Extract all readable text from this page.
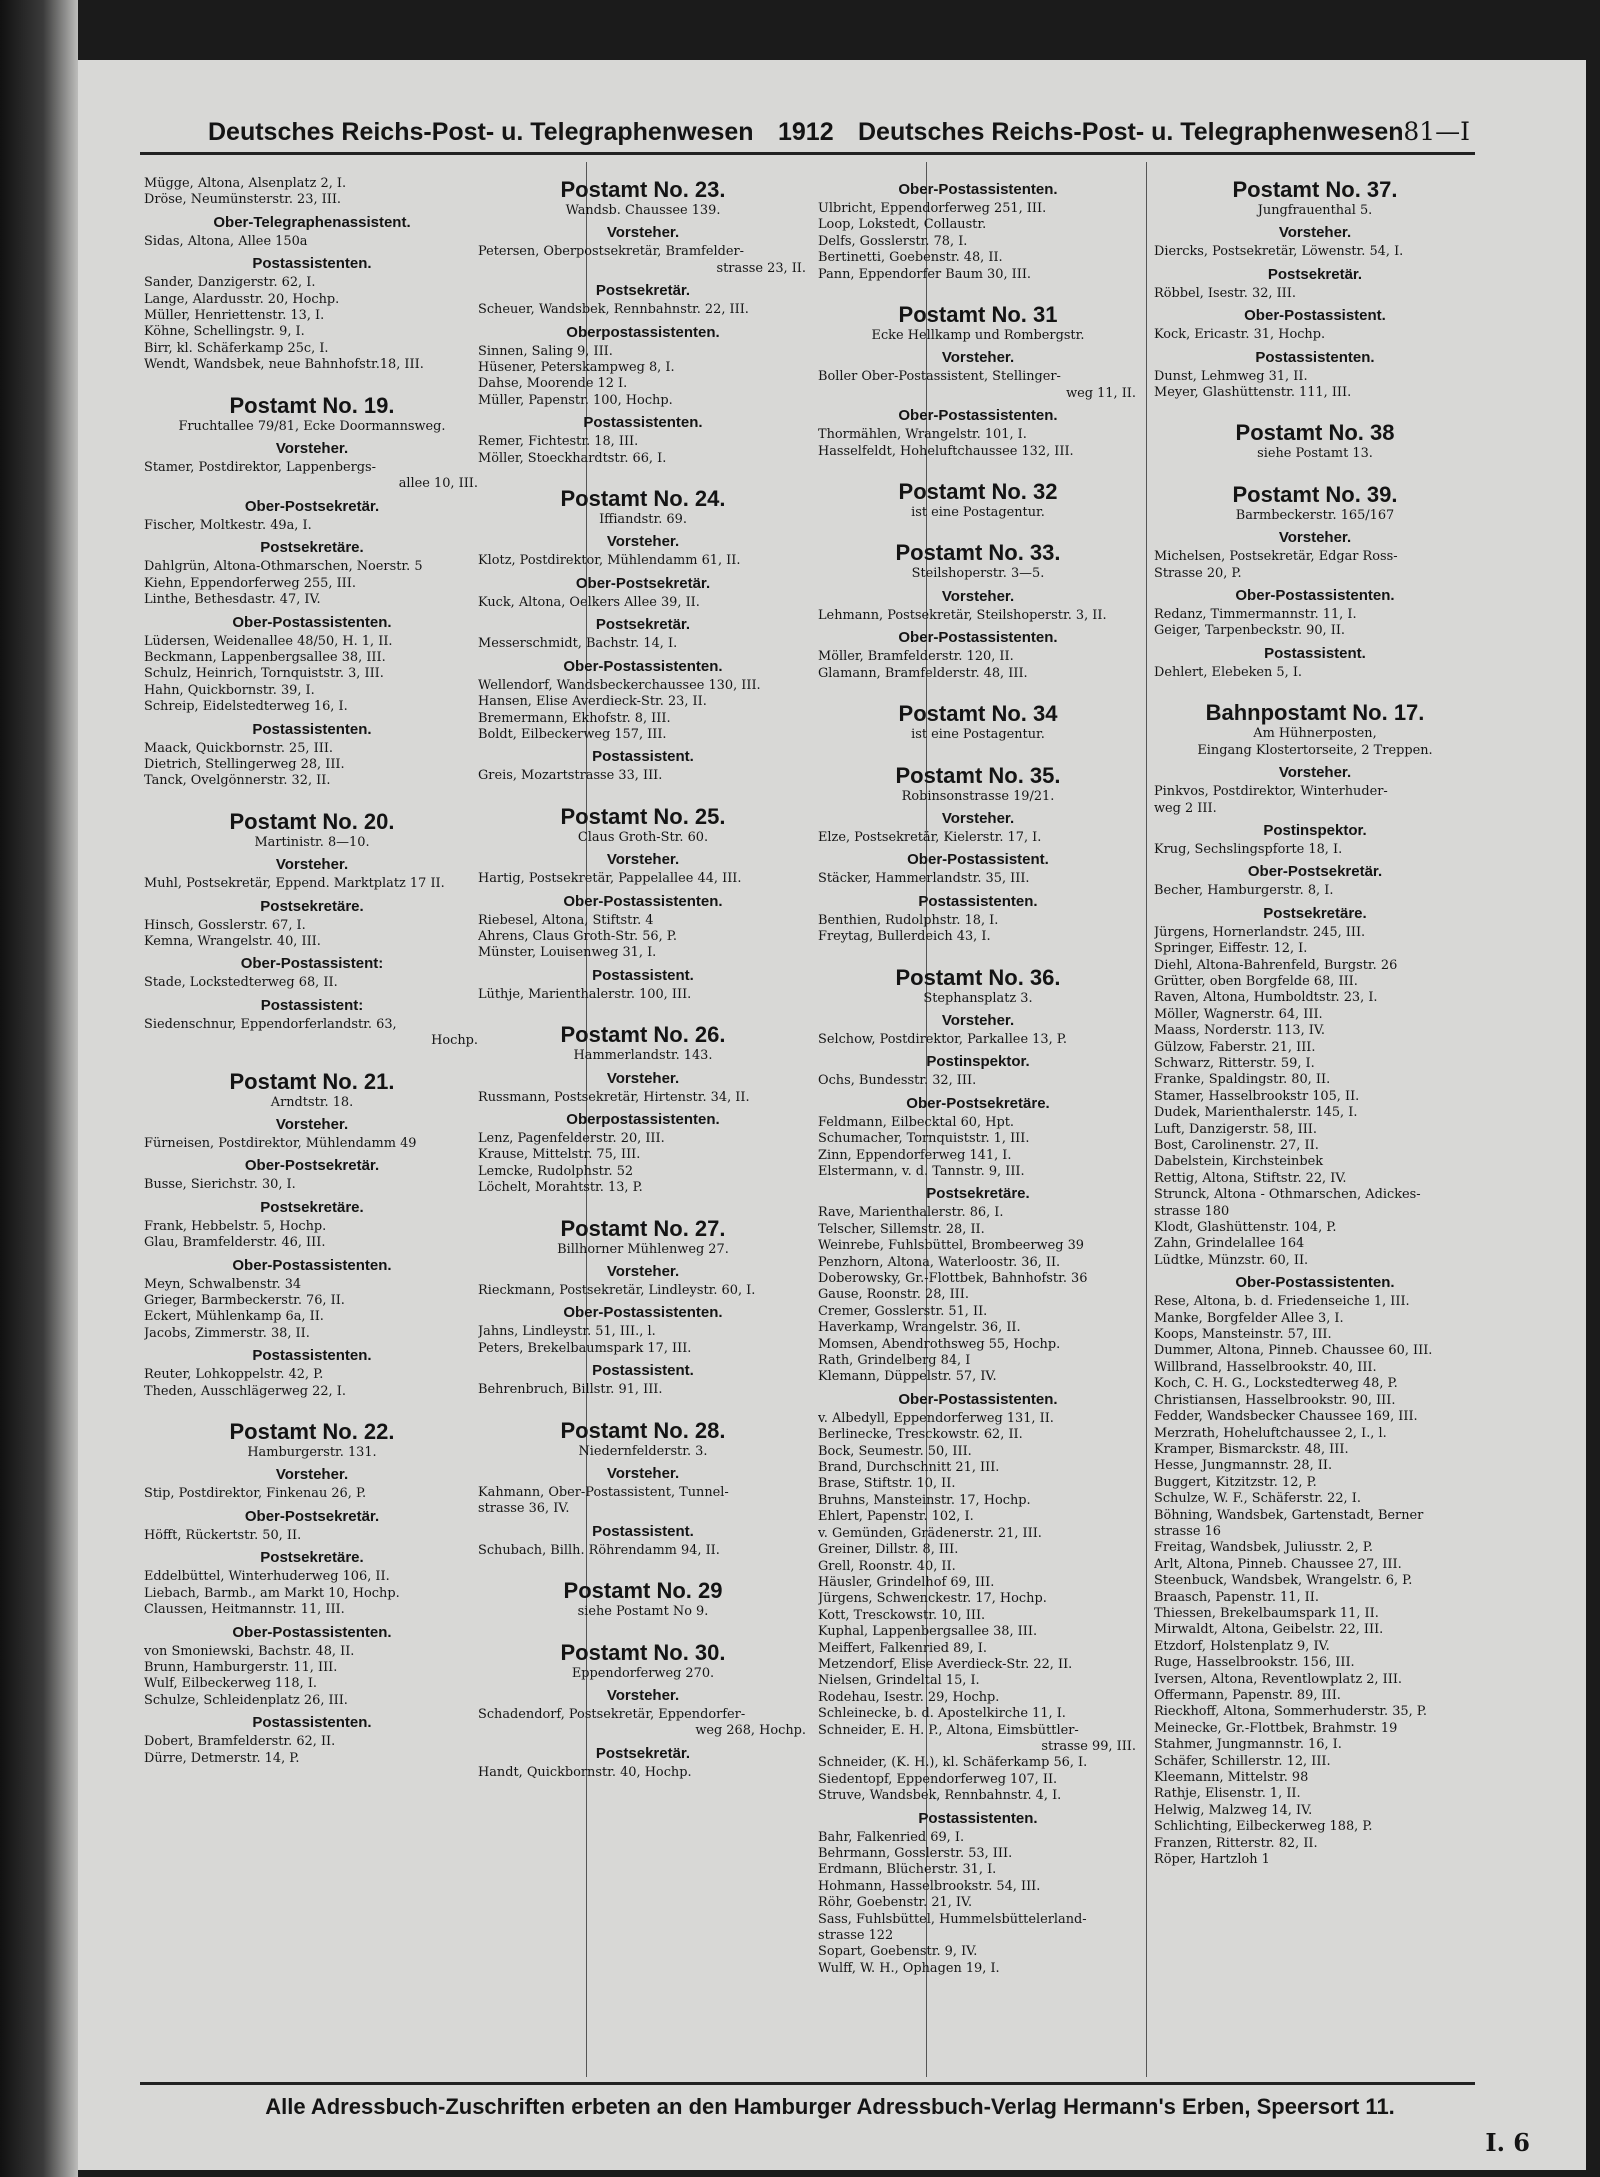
Deutsches Reichs-Post- u. Telegraphenwesen 1912 Deutsches Reichs-Post- u. Telegraphenwesen 81—I
Mügge, Altona, Alsenplatz 2, I.
Dröse, Neumünsterstr. 23, III.
Ober-Telegraphenassistent.
Sidas, Altona, Allee 150a
Postassistenten.
Sander, Danzigerstr. 62, I.
Lange, Alardusstr. 20, Hochp.
Müller, Henriettenstr. 13, I.
Köhne, Schellingstr. 9, I.
Birr, kl. Schäferkamp 25c, I.
Wendt, Wandsbek, neue Bahnhofstr.18, III.
Postamt No. 19.
Fruchtallee 79/81, Ecke Doormannsweg.
Vorsteher.
Stamer, Postdirektor, Lappenbergs-
allee 10, III.
Ober-Postsekretär.
Fischer, Moltkestr. 49a, I.
Postsekretäre.
Dahlgrün, Altona-Othmarschen, Noerstr. 5
Kiehn, Eppendorferweg 255, III.
Linthe, Bethesdastr. 47, IV.
Ober-Postassistenten.
Lüdersen, Weidenallee 48/50, H. 1, II.
Beckmann, Lappenbergsallee 38, III.
Schulz, Heinrich, Tornquiststr. 3, III.
Hahn, Quickbornstr. 39, I.
Schreip, Eidelstedterweg 16, I.
Postassistenten.
Maack, Quickbornstr. 25, III.
Dietrich, Stellingerweg 28, III.
Tanck, Övelgönnerstr. 32, II.
Postamt No. 20.
Martinistr. 8—10.
Vorsteher.
Muhl, Postsekretär, Eppend. Marktplatz 17 II.
Postsekretäre.
Hinsch, Gosslerstr. 67, I.
Kemna, Wrangelstr. 40, III.
Ober-Postassistent:
Stade, Lockstedterweg 68, II.
Postassistent:
Siedenschnur, Eppendorferlandstr. 63,
Hochp.
Postamt No. 21.
Arndtstr. 18.
Vorsteher.
Fürneisen, Postdirektor, Mühlendamm 49
Ober-Postsekretär.
Busse, Sierichstr. 30, I.
Postsekretäre.
Frank, Hebbelstr. 5, Hochp.
Glau, Bramfelderstr. 46, III.
Ober-Postassistenten.
Meyn, Schwalbenstr. 34
Grieger, Barmbeckerstr. 76, II.
Eckert, Mühlenkamp 6a, II.
Jacobs, Zimmerstr. 38, II.
Postassistenten.
Reuter, Lohkoppelstr. 42, P.
Theden, Ausschlägerweg 22, I.
Postamt No. 22.
Hamburgerstr. 131.
Vorsteher.
Stip, Postdirektor, Finkenau 26, P.
Ober-Postsekretär.
Höfft, Rückertstr. 50, II.
Postsekretäre.
Eddelbüttel, Winterhuderweg 106, II.
Liebach, Barmb., am Markt 10, Hochp.
Claussen, Heitmannstr. 11, III.
Ober-Postassistenten.
von Smoniewski, Bachstr. 48, II.
Brunn, Hamburgerstr. 11, III.
Wulf, Eilbeckerweg 118, I.
Schulze, Schleidenplatz 26, III.
Postassistenten.
Dobert, Bramfelderstr. 62, II.
Dürre, Detmerstr. 14, P.
Postamt No. 23.
Wandsb. Chaussee 139.
Vorsteher.
Petersen, Oberpostsekretär, Bramfelder-
strasse 23, II.
Postsekretär.
Scheuer, Wandsbek, Rennbahnstr. 22, III.
Oberpostassistenten.
Sinnen, Saling 9, III.
Hüsener, Peterskampweg 8, I.
Dahse, Moorende 12 I.
Müller, Papenstr. 100, Hochp.
Postassistenten.
Remer, Fichtestr. 18, III.
Möller, Stoeckhardtstr. 66, I.
Postamt No. 24.
Iffiandstr. 69.
Vorsteher.
Klotz, Postdirektor, Mühlendamm 61, II.
Ober-Postsekretär.
Kuck, Altona, Oelkers Allee 39, II.
Postsekretär.
Messerschmidt, Bachstr. 14, I.
Ober-Postassistenten.
Wellendorf, Wandsbeckerchaussee 130, III.
Hansen, Elise Averdieck-Str. 23, II.
Bremermann, Ekhofstr. 8, III.
Boldt, Eilbeckerweg 157, III.
Postassistent.
Greis, Mozartstrasse 33, III.
Postamt No. 25.
Claus Groth-Str. 60.
Vorsteher.
Hartig, Postsekretär, Pappelallee 44, III.
Ober-Postassistenten.
Riebesel, Altona, Stiftstr. 4
Ahrens, Claus Groth-Str. 56, P.
Münster, Louisenweg 31, I.
Postassistent.
Lüthje, Marienthalerstr. 100, III.
Postamt No. 26.
Hammerlandstr. 143.
Vorsteher.
Russmann, Postsekretär, Hirtenstr. 34, II.
Oberpostassistenten.
Lenz, Pagenfelderstr. 20, III.
Krause, Mittelstr. 75, III.
Lemcke, Rudolphstr. 52
Löchelt, Morahtstr. 13, P.
Postamt No. 27.
Billhorner Mühlenweg 27.
Vorsteher.
Rieckmann, Postsekretär, Lindleystr. 60, I.
Ober-Postassistenten.
Jahns, Lindleystr. 51, III., l.
Peters, Brekelbaumspark 17, III.
Postassistent.
Behrenbruch, Billstr. 91, III.
Postamt No. 28.
Niedernfelderstr. 3.
Vorsteher.
Kahmann, Ober-Postassistent, Tunnel-
strasse 36, IV.
Postassistent.
Schubach, Billh. Röhrendamm 94, II.
Postamt No. 29
siehe Postamt No 9.
Postamt No. 30.
Eppendorferweg 270.
Vorsteher.
Schadendorf, Postsekretär, Eppendorfer-
weg 268, Hochp.
Postsekretär.
Handt, Quickbornstr. 40, Hochp.
Ober-Postassistenten.
Ulbricht, Eppendorferweg 251, III.
Loop, Lokstedt, Collaustr.
Delfs, Gosslerstr. 78, I.
Bertinetti, Goebenstr. 48, II.
Pann, Eppendorfer Baum 30, III.
Postamt No. 31
Ecke Hellkamp und Rombergstr.
Vorsteher.
Boller Ober-Postassistent, Stellinger-
weg 11, II.
Ober-Postassistenten.
Thormählen, Wrangelstr. 101, I.
Hasselfeldt, Hoheluftchaussee 132, III.
Postamt No. 32
ist eine Postagentur.
Postamt No. 33.
Steilshoperstr. 3—5.
Vorsteher.
Lehmann, Postsekretär, Steilshoperstr. 3, II.
Ober-Postassistenten.
Möller, Bramfelderstr. 120, II.
Glamann, Bramfelderstr. 48, III.
Postamt No. 34
ist eine Postagentur.
Postamt No. 35.
Robinsonstrasse 19/21.
Vorsteher.
Elze, Postsekretär, Kielerstr. 17, I.
Ober-Postassistent.
Stäcker, Hammerlandstr. 35, III.
Postassistenten.
Benthien, Rudolphstr. 18, I.
Freytag, Bullerdeich 43, I.
Postamt No. 36.
Stephansplatz 3.
Vorsteher.
Selchow, Postdirektor, Parkallee 13, P.
Postinspektor.
Ochs, Bundesstr. 32, III.
Ober-Postsekretäre.
Feldmann, Eilbecktal 60, Hpt.
Schumacher, Tornquiststr. 1, III.
Zinn, Eppendorferweg 141, I.
Elstermann, v. d. Tannstr. 9, III.
Postsekretäre.
Rave, Marienthalerstr. 86, I.
Telscher, Sillemstr. 28, II.
Weinrebe, Fuhlsbüttel, Brombeerweg 39
Penzhorn, Altona, Waterloostr. 36, II.
Doberowsky, Gr.-Flottbek, Bahnhofstr. 36
Gause, Roonstr. 28, III.
Cremer, Gosslerstr. 51, II.
Haverkamp, Wrangelstr. 36, II.
Momsen, Abendrothsweg 55, Hochp.
Rath, Grindelberg 84, I
Klemann, Düppelstr. 57, IV.
Ober-Postassistenten.
v. Albedyll, Eppendorferweg 131, II.
Berlinecke, Tresckowstr. 62, II.
Bock, Seumestr. 50, III.
Brand, Durchschnitt 21, III.
Brase, Stiftstr. 10, II.
Bruhns, Mansteinstr. 17, Hochp.
Ehlert, Papenstr. 102, I.
v. Gemünden, Grädenerstr. 21, III.
Greiner, Dillstr. 8, III.
Grell, Roonstr. 40, II.
Häusler, Grindelhof 69, III.
Jürgens, Schwenckestr. 17, Hochp.
Kott, Tresckowstr. 10, III.
Kuphal, Lappenbergsallee 38, III.
Meiffert, Falkenried 89, I.
Metzendorf, Elise Averdieck-Str. 22, II.
Nielsen, Grindeltal 15, I.
Rodehau, Isestr. 29, Hochp.
Schleinecke, b. d. Apostelkirche 11, I.
Schneider, E. H. P., Altona, Eimsbüttler-
strasse 99, III.
Schneider, (K. H.), kl. Schäferkamp 56, I.
Siedentopf, Eppendorferweg 107, II.
Struve, Wandsbek, Rennbahnstr. 4, I.
Postassistenten.
Bahr, Falkenried 69, I.
Behrmann, Gosslerstr. 53, III.
Erdmann, Blücherstr. 31, I.
Hohmann, Hasselbrookstr. 54, III.
Röhr, Goebenstr. 21, IV.
Sass, Fuhlsbüttel, Hummelsbüttelerland-
strasse 122
Sopart, Goebenstr. 9, IV.
Wulff, W. H., Ophagen 19, I.
Postamt No. 37.
Jungfrauenthal 5.
Vorsteher.
Diercks, Postsekretär, Löwenstr. 54, I.
Postsekretär.
Röbbel, Isestr. 32, III.
Ober-Postassistent.
Kock, Ericastr. 31, Hochp.
Postassistenten.
Dunst, Lehmweg 31, II.
Meyer, Glashüttenstr. 111, III.
Postamt No. 38
siehe Postamt 13.
Postamt No. 39.
Barmbeckerstr. 165/167
Vorsteher.
Michelsen, Postsekretär, Edgar Ross-
Strasse 20, P.
Ober-Postassistenten.
Redanz, Timmermannstr. 11, I.
Geiger, Tarpenbeckstr. 90, II.
Postassistent.
Dehlert, Elebeken 5, I.
Bahnpostamt No. 17.
Am Hühnerposten,
Eingang Klostertorseite, 2 Treppen.
Vorsteher.
Pinkvos, Postdirektor, Winterhuder-
weg 2 III.
Postinspektor.
Krug, Sechslingspforte 18, I.
Ober-Postsekretär.
Becher, Hamburgerstr. 8, I.
Postsekretäre.
Jürgens, Hornerlandstr. 245, III.
Springer, Eiffestr. 12, I.
Diehl, Altona-Bahrenfeld, Burgstr. 26
Grütter, oben Borgfelde 68, III.
Raven, Altona, Humboldtstr. 23, I.
Möller, Wagnerstr. 64, III.
Maass, Norderstr. 113, IV.
Gülzow, Faberstr. 21, III.
Schwarz, Ritterstr. 59, I.
Franke, Spaldingstr. 80, II.
Stamer, Hasselbrookstr 105, II.
Dudek, Marienthalerstr. 145, I.
Luft, Danzigerstr. 58, III.
Bost, Carolinenstr. 27, II.
Dabelstein, Kirchsteinbek
Rettig, Altona, Stiftstr. 22, IV.
Strunck, Altona - Othmarschen, Adickes-
strasse 180
Klodt, Glashüttenstr. 104, P.
Zahn, Grindelallee 164
Lüdtke, Münzstr. 60, II.
Ober-Postassistenten.
Rese, Altona, b. d. Friedenseiche 1, III.
Manke, Borgfelder Allee 3, I.
Koops, Mansteinstr. 57, III.
Dummer, Altona, Pinneb. Chaussee 60, III.
Willbrand, Hasselbrookstr. 40, III.
Koch, C. H. G., Lockstedterweg 48, P.
Christiansen, Hasselbrookstr. 90, III.
Fedder, Wandsbecker Chaussee 169, III.
Merzrath, Hoheluftchaussee 2, I., l.
Kramper, Bismarckstr. 48, III.
Hesse, Jungmannstr. 28, II.
Buggert, Kitzitzstr. 12, P.
Schulze, W. F., Schäferstr. 22, I.
Böhning, Wandsbek, Gartenstadt, Berner
strasse 16
Freitag, Wandsbek, Juliusstr. 2, P.
Arlt, Altona, Pinneb. Chaussee 27, III.
Steenbuck, Wandsbek, Wrangelstr. 6, P.
Braasch, Papenstr. 11, II.
Thiessen, Brekelbaumspark 11, II.
Mirwaldt, Altona, Geibelstr. 22, III.
Etzdorf, Holstenplatz 9, IV.
Ruge, Hasselbrookstr. 156, III.
Iversen, Altona, Reventlowplatz 2, III.
Offermann, Papenstr. 89, III.
Rieckhoff, Altona, Sommerhuderstr. 35, P.
Meinecke, Gr.-Flottbek, Brahmstr. 19
Stahmer, Jungmannstr. 16, I.
Schäfer, Schillerstr. 12, III.
Kleemann, Mittelstr. 98
Rathje, Elisenstr. 1, II.
Helwig, Malzweg 14, IV.
Schlichting, Eilbeckerweg 188, P.
Franzen, Ritterstr. 82, II.
Röper, Hartzloh 1
Alle Adressbuch-Zuschriften erbeten an den Hamburger Adressbuch-Verlag Hermann's Erben, Speersort 11.
I. 6
